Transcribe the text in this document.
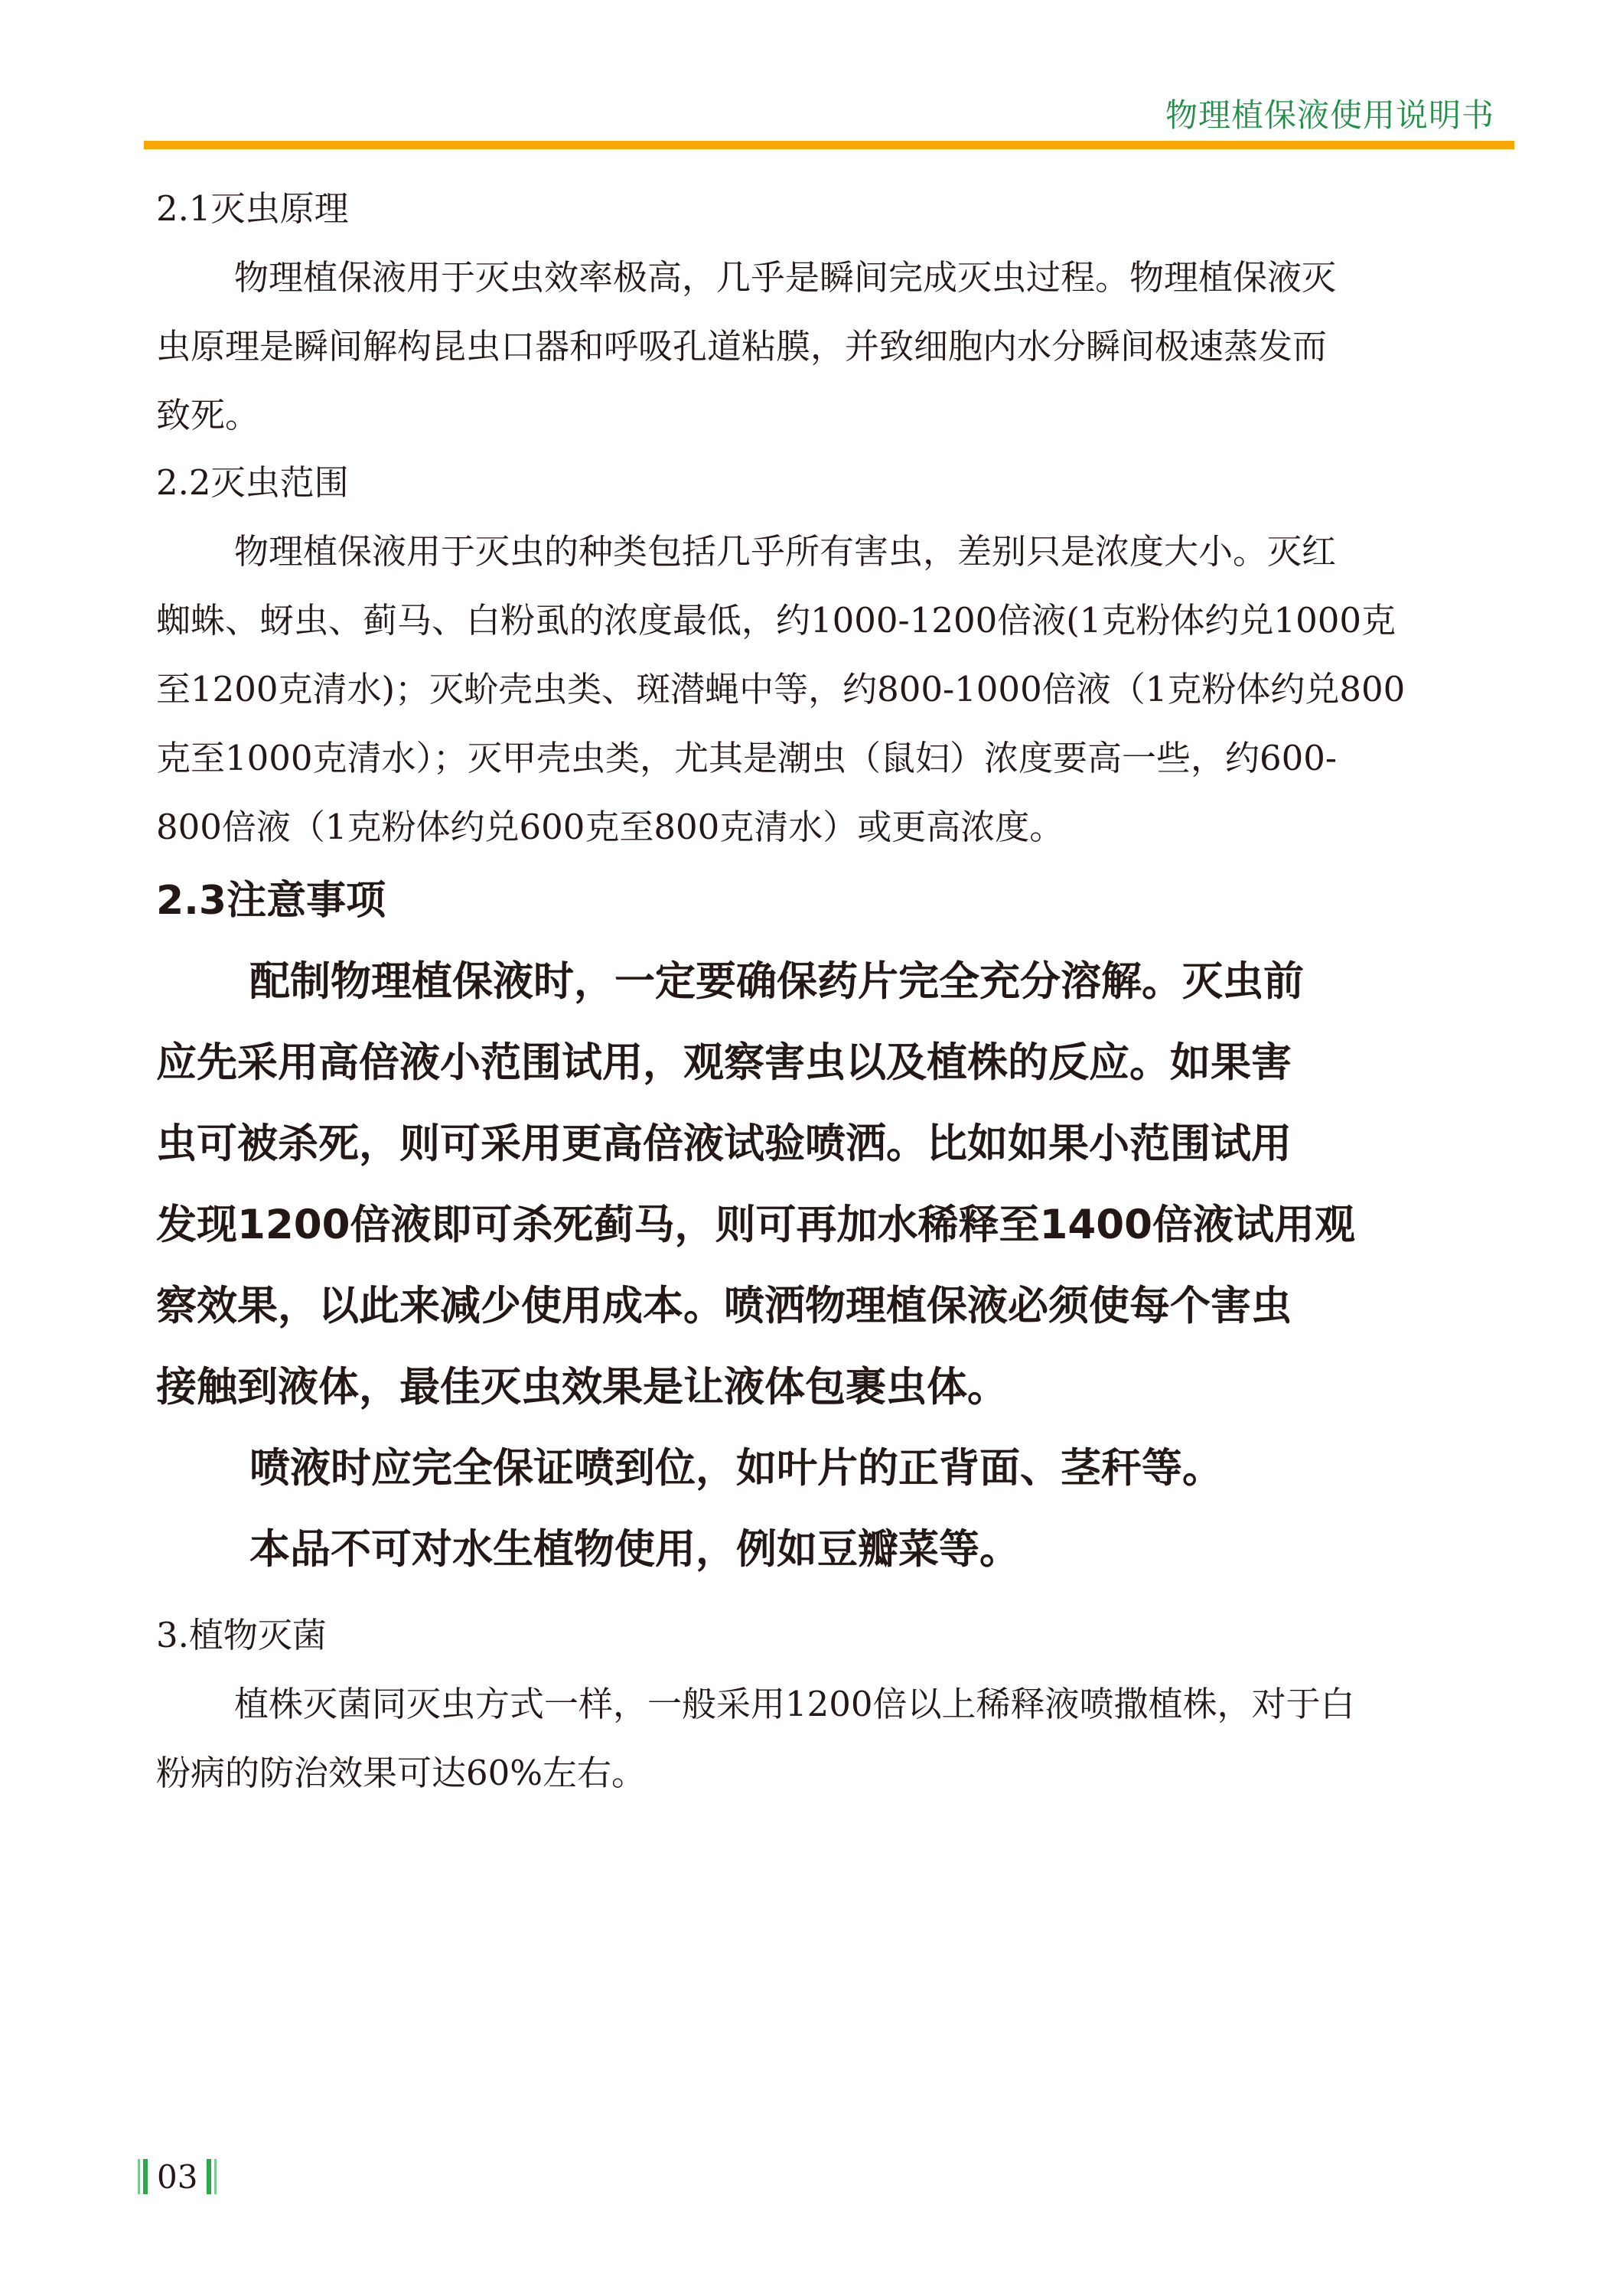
物理植保液使用说明书
2.1灭虫原理
物理植保液用于灭虫效率极高，几乎是瞬间完成灭虫过程。物理植保液灭
虫原理是瞬间解构昆虫口器和呼吸孔道粘膜，并致细胞内水分瞬间极速蒸发而
致死。
2.2灭虫范围
物理植保液用于灭虫的种类包括几乎所有害虫，差别只是浓度大小。灭红
蜘蛛、蚜虫、蓟马、白粉虱的浓度最低，约1000-1200倍液(1克粉体约兑1000克
至1200克清水)；灭蚧壳虫类、斑潜蝇中等，约800-1000倍液（1克粉体约兑800
克至1000克清水）；灭甲壳虫类，尤其是潮虫（鼠妇）浓度要高一些，约600-
800倍液（1克粉体约兑600克至800克清水）或更高浓度。
2.3注意事项
配制物理植保液时，一定要确保药片完全充分溶解。灭虫前
应先采用高倍液小范围试用，观察害虫以及植株的反应。如果害
虫可被杀死，则可采用更高倍液试验喷洒。比如如果小范围试用
发现1200倍液即可杀死蓟马，则可再加水稀释至1400倍液试用观
察效果，以此来减少使用成本。喷洒物理植保液必须使每个害虫
接触到液体，最佳灭虫效果是让液体包裹虫体。
喷液时应完全保证喷到位，如叶片的正背面、茎秆等。
本品不可对水生植物使用，例如豆瓣菜等。
3.植物灭菌
植株灭菌同灭虫方式一样，一般采用1200倍以上稀释液喷撒植株，对于白
粉病的防治效果可达60%左右。
03
